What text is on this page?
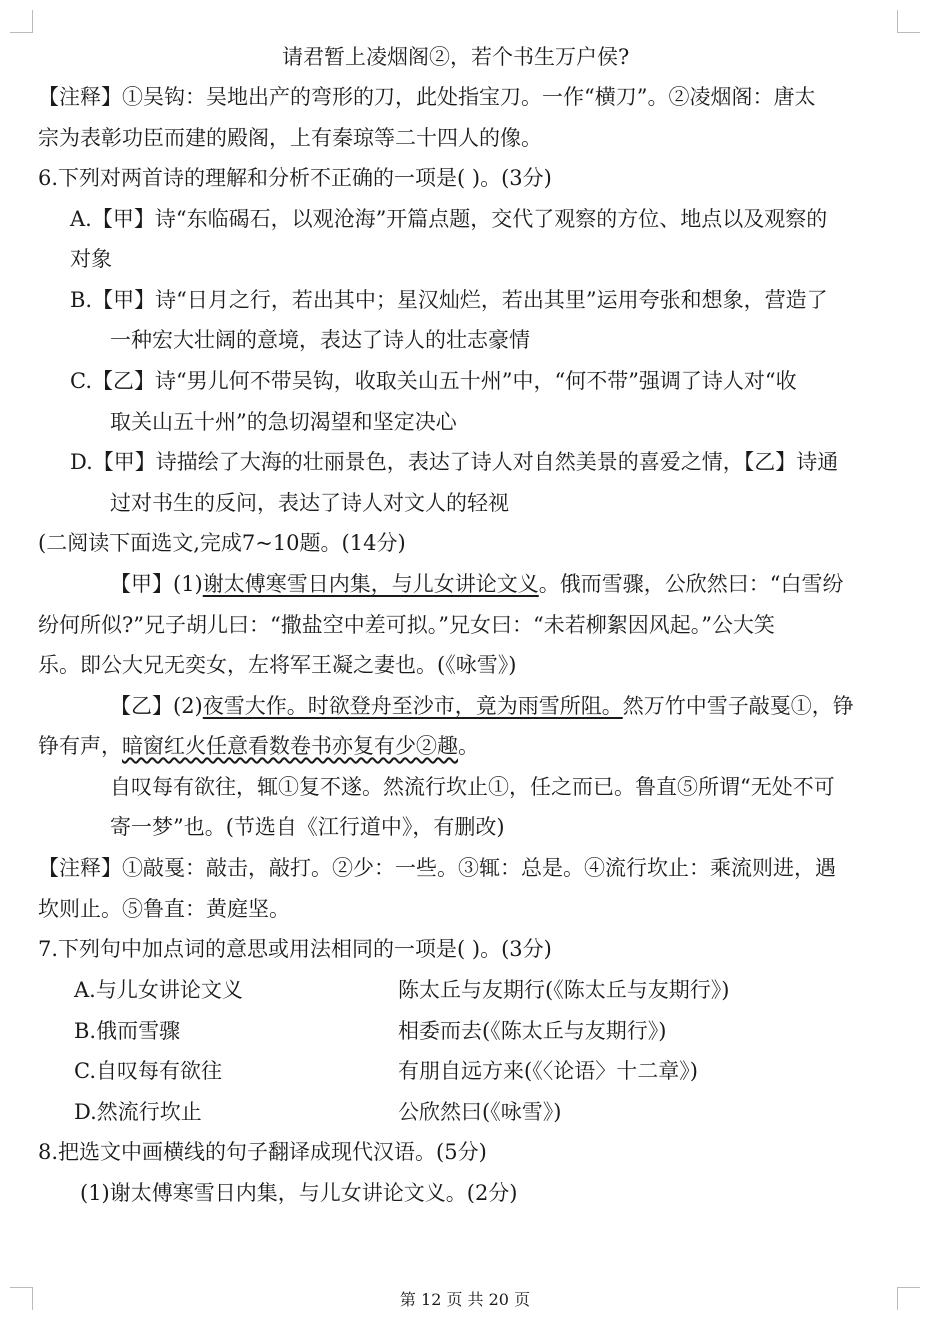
请君暂上凌烟阁②，若个书生万户侯?
【注释】①吴钩：吴地出产的弯形的刀，此处指宝刀。一作“横刀”。②凌烟阁：唐太
宗为表彰功臣而建的殿阁，上有秦琼等二十四人的像。
6.下列对两首诗的理解和分析不正确的一项是( )。(3分)
A.【甲】诗“东临碣石，以观沧海”开篇点题，交代了观察的方位、地点以及观察的
对象
B.【甲】诗“日月之行，若出其中；星汉灿烂，若出其里”运用夸张和想象，营造了
一种宏大壮阔的意境，表达了诗人的壮志豪情
C.【乙】诗“男儿何不带吴钩，收取关山五十州”中，“何不带”强调了诗人对“收
取关山五十州”的急切渴望和坚定决心
D.【甲】诗描绘了大海的壮丽景色，表达了诗人对自然美景的喜爱之情，【乙】诗通
过对书生的反问，表达了诗人对文人的轻视
(二阅读下面选文,完成7~10题。(14分)
【甲】(1)谢太傅寒雪日内集，与儿女讲论文义。俄而雪骤，公欣然曰：“白雪纷
纷何所似?”兄子胡儿曰：“撒盐空中差可拟。”兄女曰：“未若柳絮因风起。”公大笑
乐。即公大兄无奕女，左将军王凝之妻也。(《咏雪》)
【乙】(2)夜雪大作。时欲登舟至沙市，竟为雨雪所阻。然万竹中雪子敲戛①，铮
铮有声，暗窗红火任意看数卷书亦复有少②趣。
自叹每有欲往，辄①复不遂。然流行坎止①，任之而已。鲁直⑤所谓“无处不可
寄一梦”也。(节选自《江行道中》，有删改)
【注释】①敲戛：敲击，敲打。②少：一些。③辄：总是。④流行坎止：乘流则进，遇
坎则止。⑤鲁直：黄庭坚。
7.下列句中加点词的意思或用法相同的一项是( )。(3分)
A.与儿女讲论文义	陈太丘与友期行(《陈太丘与友期行》)
B.俄而雪骤	相委而去(《陈太丘与友期行》)
C.自叹每有欲往	有朋自远方来(《〈论语〉十二章》)
D.然流行坎止	公欣然曰(《咏雪》)
8.把选文中画横线的句子翻译成现代汉语。(5分)
(1)谢太傅寒雪日内集，与儿女讲论文义。(2分)
第 12 页 共 20 页
